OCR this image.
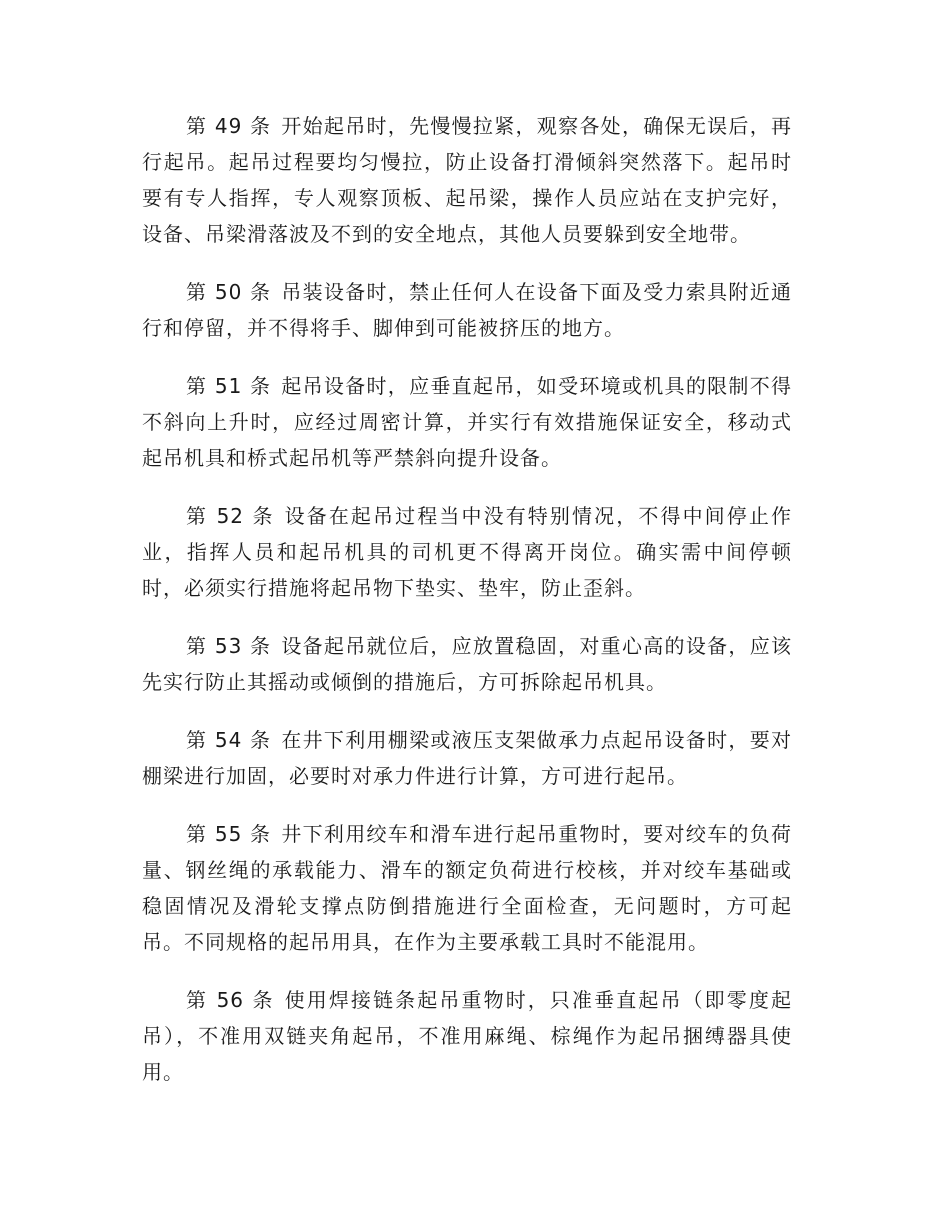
第 49 条 开始起吊时，先慢慢拉紧，观察各处，确保无误后，再行起吊。起吊过程要均匀慢拉，防止设备打滑倾斜突然落下。起吊时要有专人指挥，专人观察顶板、起吊梁，操作人员应站在支护完好，设备、吊梁滑落波及不到的安全地点，其他人员要躲到安全地带。

第 50 条 吊装设备时，禁止任何人在设备下面及受力索具附近通行和停留，并不得将手、脚伸到可能被挤压的地方。

第 51 条 起吊设备时，应垂直起吊，如受环境或机具的限制不得不斜向上升时，应经过周密计算，并实行有效措施保证安全，移动式起吊机具和桥式起吊机等严禁斜向提升设备。

第 52 条 设备在起吊过程当中没有特别情况，不得中间停止作业，指挥人员和起吊机具的司机更不得离开岗位。确实需中间停顿时，必须实行措施将起吊物下垫实、垫牢，防止歪斜。

第 53 条 设备起吊就位后，应放置稳固，对重心高的设备，应该先实行防止其摇动或倾倒的措施后，方可拆除起吊机具。

第 54 条 在井下利用棚梁或液压支架做承力点起吊设备时，要对棚梁进行加固，必要时对承力件进行计算，方可进行起吊。

第 55 条 井下利用绞车和滑车进行起吊重物时，要对绞车的负荷量、钢丝绳的承载能力、滑车的额定负荷进行校核，并对绞车基础或稳固情况及滑轮支撑点防倒措施进行全面检查，无问题时，方可起吊。不同规格的起吊用具，在作为主要承载工具时不能混用。

第 56 条 使用焊接链条起吊重物时，只准垂直起吊（即零度起吊），不准用双链夹角起吊，不准用麻绳、棕绳作为起吊捆缚器具使用。
